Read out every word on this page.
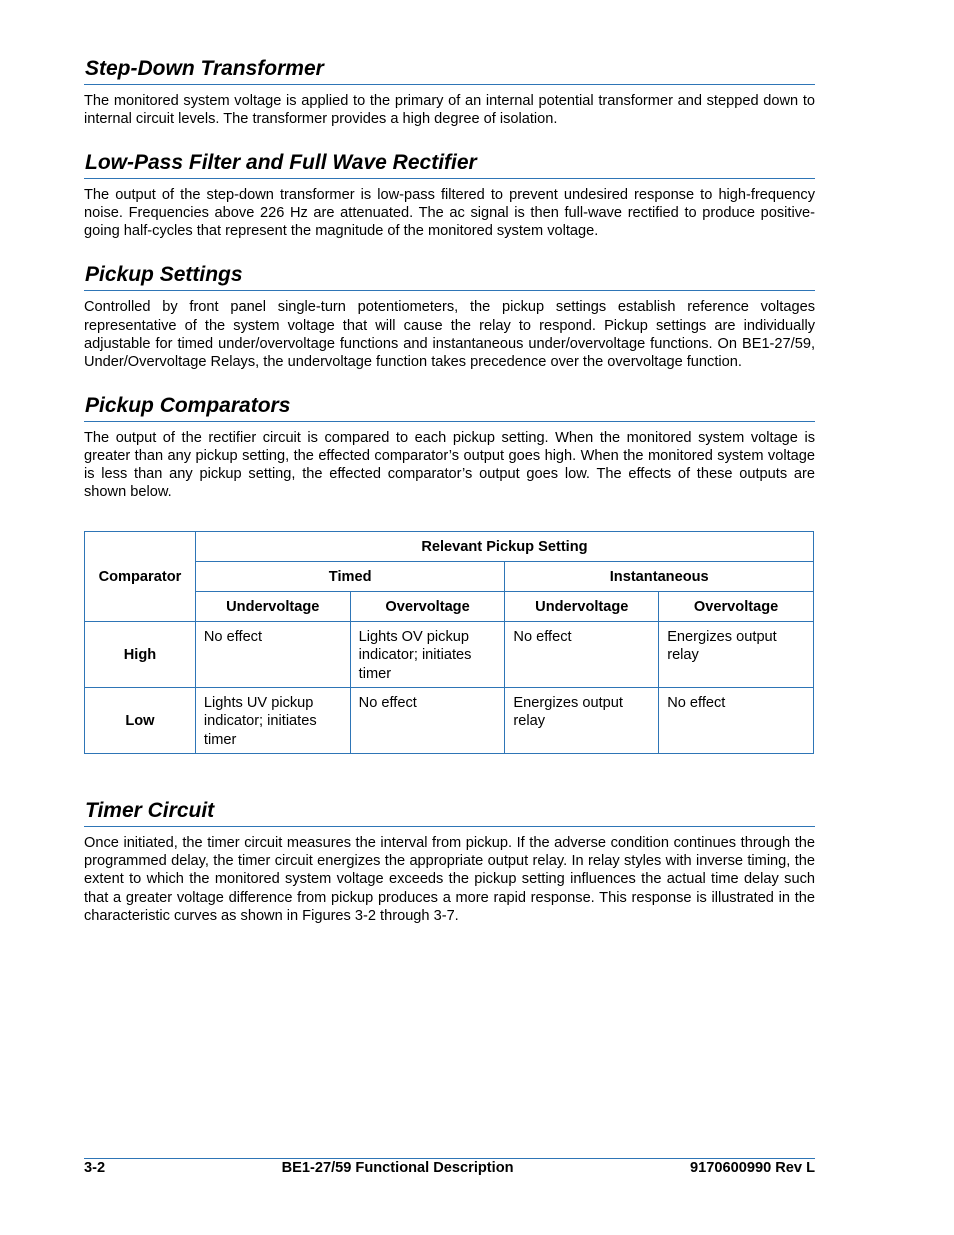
Step-Down Transformer

The monitored system voltage is applied to the primary of an internal potential transformer and stepped down to internal circuit levels. The transformer provides a high degree of isolation.

Low-Pass Filter and Full Wave Rectifier

The output of the step-down transformer is low-pass filtered to prevent undesired response to high-frequency noise. Frequencies above 226 Hz are attenuated. The ac signal is then full-wave rectified to produce positive-going half-cycles that represent the magnitude of the monitored system voltage.

Pickup Settings

Controlled by front panel single-turn potentiometers, the pickup settings establish reference voltages representative of the system voltage that will cause the relay to respond. Pickup settings are individually adjustable for timed under/overvoltage functions and instantaneous under/overvoltage functions. On BE1-27/59, Under/Overvoltage Relays, the undervoltage function takes precedence over the overvoltage function.

Pickup Comparators

The output of the rectifier circuit is compared to each pickup setting. When the monitored system voltage is greater than any pickup setting, the effected comparator’s output goes high. When the monitored system voltage is less than any pickup setting, the effected comparator’s output goes low. The effects of these outputs are shown below.

Comparator	Relevant Pickup Setting			
	Timed		Instantaneous	
	Undervoltage	Overvoltage	Undervoltage	Overvoltage
High	No effect	Lights OV pickup indicator; initiates timer	No effect	Energizes output relay
Low	Lights UV pickup indicator; initiates timer	No effect	Energizes output relay	No effect
Timer Circuit

Once initiated, the timer circuit measures the interval from pickup. If the adverse condition continues through the programmed delay, the timer circuit energizes the appropriate output relay. In relay styles with inverse timing, the extent to which the monitored system voltage exceeds the pickup setting influences the actual time delay such that a greater voltage difference from pickup produces a more rapid response. This response is illustrated in the characteristic curves as shown in Figures 3-2 through 3-7.

3-2	BE1-27/59 Functional Description	9170600990 Rev L
